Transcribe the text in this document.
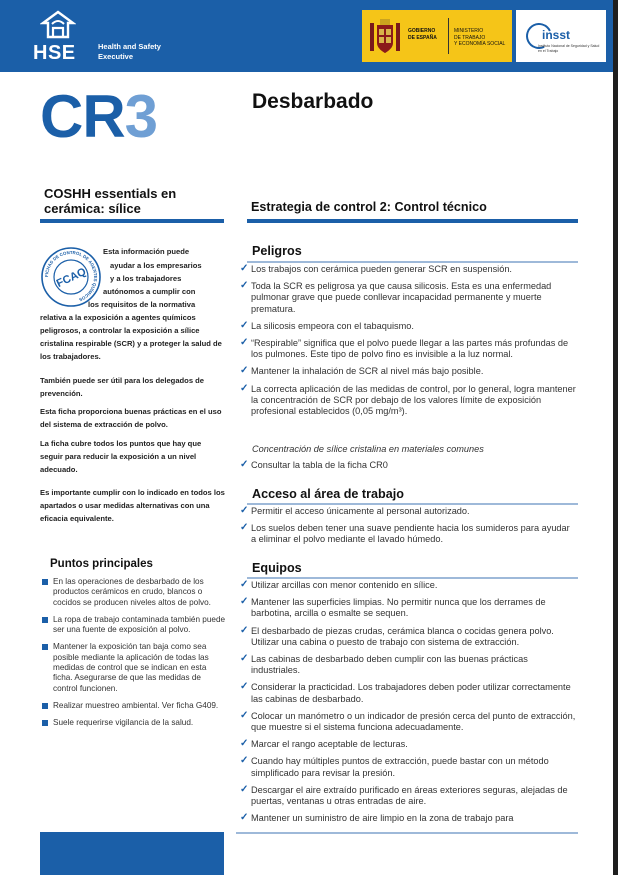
HSE	Health and Safety
Executive
GOBIERNO
DE ESPAÑA
MINISTERIO
DE TRABAJO
Y ECONOMÍA SOCIAL
insst
Instituto Nacional de Seguridad y Salud en el Trabajo
CR3	Desbarbado
COSHH essentials en
cerámica: sílice
FICHAS DE CONTROL DE AGENTES QUÍMICOS
FCAQ
Esta información puede
ayudar a los empresarios
y a los trabajadores
autónomos a cumplir con
los requisitos de la normativa
relativa a la exposición a agentes químicos peligrosos, a controlar la exposición a sílice cristalina respirable (SCR) y a proteger la salud de los trabajadores.
También puede ser útil para los delegados de prevención.
Esta ficha proporciona buenas prácticas en el uso del sistema de extracción de polvo.
La ficha cubre todos los puntos que hay que seguir para reducir la exposición a un nivel adecuado.
Es importante cumplir con lo indicado en todos los apartados o usar medidas alternativas con una eficacia equivalente.
Puntos principales
En las operaciones de desbarbado de los productos cerámicos en crudo, blancos o cocidos se producen niveles altos de polvo.
La ropa de trabajo contaminada también puede ser una fuente de exposición al polvo.
Mantener la exposición tan baja como sea posible mediante la aplicación de todas las medidas de control que se indican en esta ficha. Asegurarse de que las medidas de control funcionen.
Realizar muestreo ambiental. Ver ficha G409.
Suele requerirse vigilancia de la salud.
Estrategia de control 2: Control técnico
Peligros
✓ Los trabajos con cerámica pueden generar SCR en suspensión.
✓ Toda la SCR es peligrosa ya que causa silicosis. Esta es una enfermedad pulmonar grave que puede conllevar incapacidad permanente y muerte prematura.
✓ La silicosis empeora con el tabaquismo.
✓ “Respirable” significa que el polvo puede llegar a las partes más profundas de los pulmones. Este tipo de polvo fino es invisible a la luz normal.
✓ Mantener la inhalación de SCR al nivel más bajo posible.
✓ La correcta aplicación de las medidas de control, por lo general, logra mantener la concentración de SCR por debajo de los valores límite de exposición profesional establecidos (0,05 mg/m³).
Concentración de sílice cristalina en materiales comunes
✓ Consultar la tabla de la ficha CR0
Acceso al área de trabajo
✓ Permitir el acceso únicamente al personal autorizado.
✓ Los suelos deben tener una suave pendiente hacia los sumideros para ayudar a eliminar el polvo mediante el lavado húmedo.
Equipos
✓ Utilizar arcillas con menor contenido en sílice.
✓ Mantener las superficies limpias. No permitir nunca que los derrames de barbotina, arcilla o esmalte se sequen.
✓ El desbarbado de piezas crudas, cerámica blanca o cocidas genera polvo. Utilizar una cabina o puesto de trabajo con sistema de extracción.
✓ Las cabinas de desbarbado deben cumplir con las buenas prácticas industriales.
✓ Considerar la practicidad. Los trabajadores deben poder utilizar correctamente las cabinas de desbarbado.
✓ Colocar un manómetro o un indicador de presión cerca del punto de extracción, que muestre si el sistema funciona adecuadamente.
✓ Marcar el rango aceptable de lecturas.
✓ Cuando hay múltiples puntos de extracción, puede bastar con un método simplificado para revisar la presión.
✓ Descargar el aire extraído purificado en áreas exteriores seguras, alejadas de puertas, ventanas u otras entradas de aire.
✓ Mantener un suministro de aire limpio en la zona de trabajo para
